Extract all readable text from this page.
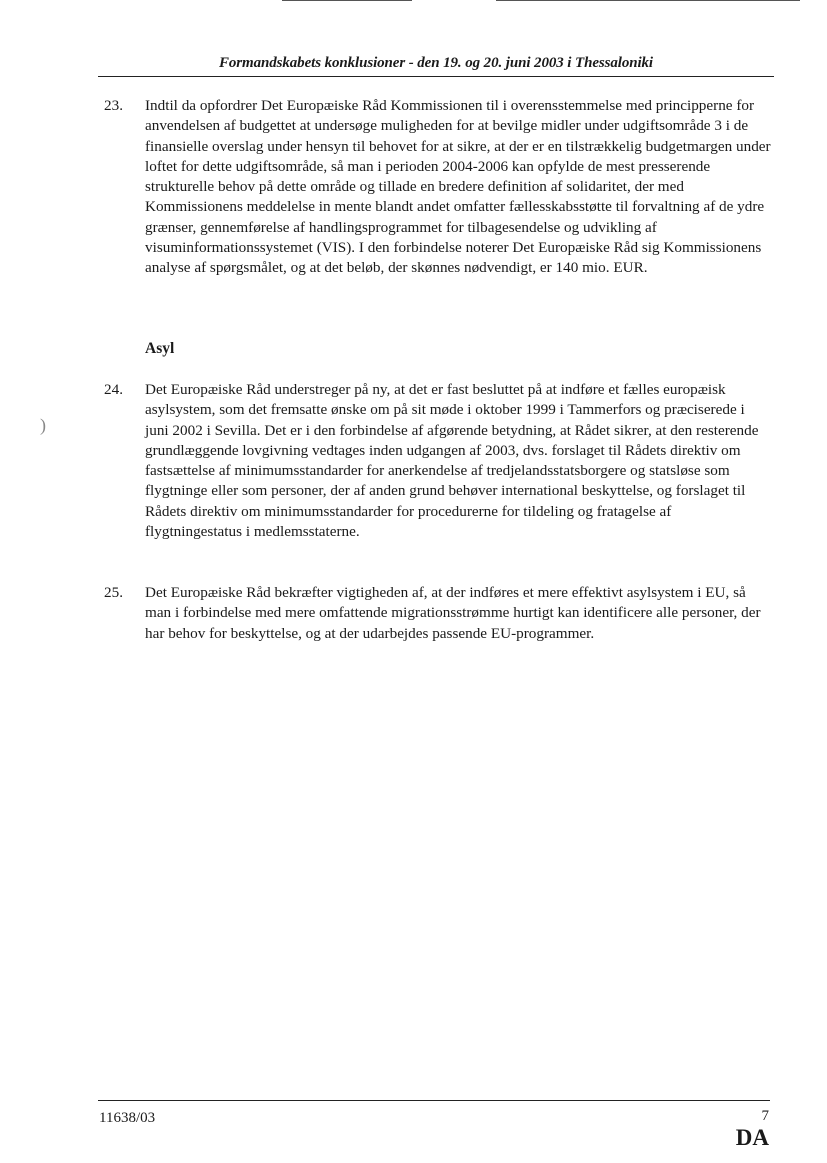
)
Formandskabets konklusioner - den 19. og 20. juni 2003 i Thessaloniki
23. Indtil da opfordrer Det Europæiske Råd Kommissionen til i overensstemmelse med principperne for anvendelsen af budgettet at undersøge muligheden for at bevilge midler under udgiftsområde 3 i de finansielle overslag under hensyn til behovet for at sikre, at der er en tilstrækkelig budgetmargen under loftet for dette udgiftsområde, så man i perioden 2004-2006 kan opfylde de mest presserende strukturelle behov på dette område og tillade en bredere definition af solidaritet, der med Kommissionens meddelelse in mente blandt andet omfatter fællesskabsstøtte til forvaltning af de ydre grænser, gennemførelse af handlingsprogrammet for tilbagesendelse og udvikling af visuminformationssystemet (VIS). I den forbindelse noterer Det Europæiske Råd sig Kommissionens analyse af spørgsmålet, og at det beløb, der skønnes nødvendigt, er 140 mio. EUR.
Asyl
24. Det Europæiske Råd understreger på ny, at det er fast besluttet på at indføre et fælles europæisk asylsystem, som det fremsatte ønske om på sit møde i oktober 1999 i Tammerfors og præciserede i juni 2002 i Sevilla. Det er i den forbindelse af afgørende betydning, at Rådet sikrer, at den resterende grundlæggende lovgivning vedtages inden udgangen af 2003, dvs. forslaget til Rådets direktiv om fastsættelse af minimumsstandarder for anerkendelse af tredjelandsstatsborgere og statsløse som flygtninge eller som personer, der af anden grund behøver international beskyttelse, og forslaget til Rådets direktiv om minimumsstandarder for procedurerne for tildeling og fratagelse af flygtningestatus i medlemsstaterne.
25. Det Europæiske Råd bekræfter vigtigheden af, at der indføres et mere effektivt asylsystem i EU, så man i forbindelse med mere omfattende migrationsstrømme hurtigt kan identificere alle personer, der har behov for beskyttelse, og at der udarbejdes passende EU-programmer.
11638/03	7
DA
